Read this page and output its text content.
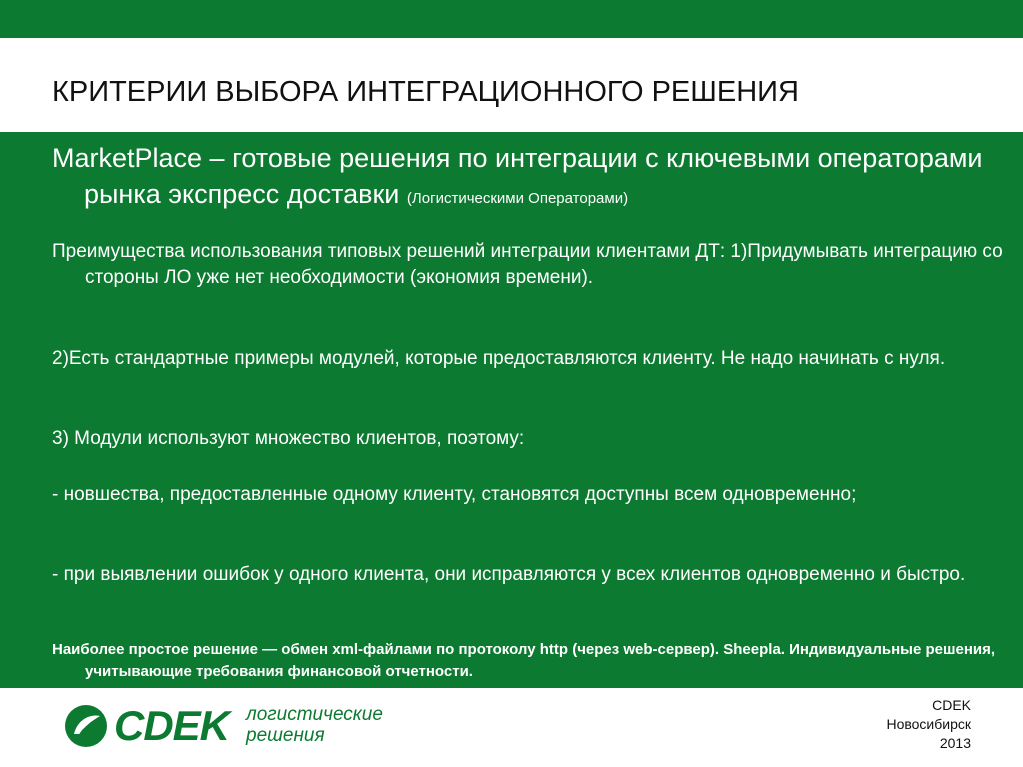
КРИТЕРИИ ВЫБОРА ИНТЕГРАЦИОННОГО РЕШЕНИЯ

MarketPlace – готовые решения по интеграции с ключевыми операторами рынка экспресс доставки (Логистическими Операторами)

Преимущества использования типовых решений интеграции клиентами ДТ: 1)Придумывать интеграцию со стороны ЛО уже нет необходимости (экономия времени).

2)Есть стандартные примеры модулей, которые предоставляются клиенту. Не надо начинать с нуля.

3) Модули используют множество клиентов, поэтому:

- новшества, предоставленные одному клиенту, становятся доступны всем одновременно;

- при выявлении ошибок у одного клиента, они исправляются у всех клиентов одновременно и быстро.

Наиболее простое решение — обмен xml-файлами по протоколу http (через web-сервер). Sheepla. Индивидуальные решения, учитывающие требования финансовой отчетности.

СDEK логистические решения
CDEK
Новосибирск
2013
